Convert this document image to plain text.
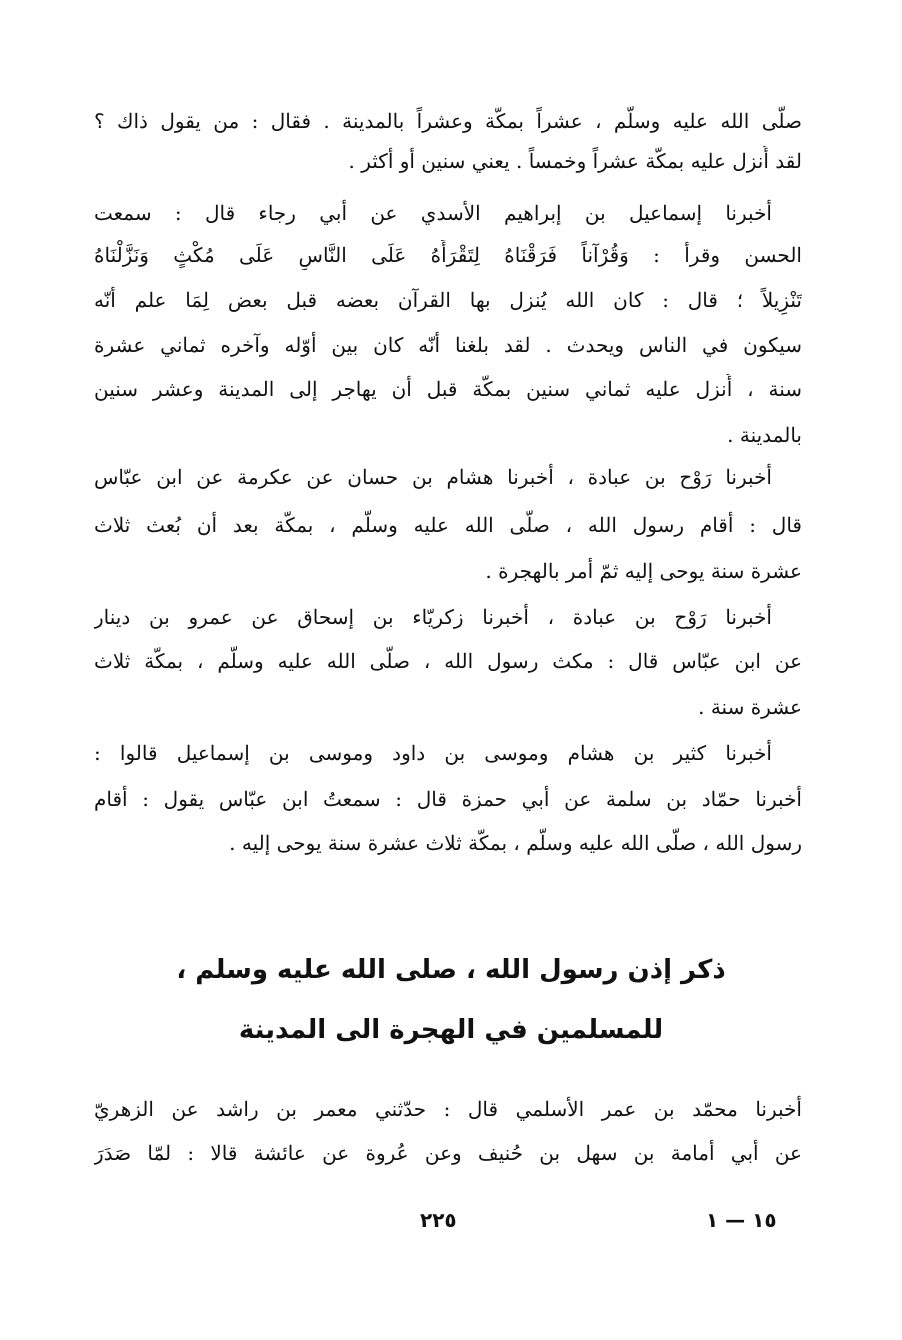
صلّى الله عليه وسلّم ، عشراً بمكّة وعشراً بالمدينة . فقال : من يقول ذاك ؟
لقد أُنزل عليه بمكّة عشراً وخمساً . يعني سنين أو أكثر .
أخبرنا إسماعيل بن إبراهيم الأسدي عن أبي رجاء قال : سمعت
الحسن وقرأ : وَقُرْآناً فَرَقْنَاهُ لِتَقْرَأَهُ عَلَى النَّاسِ عَلَى مُكْثٍ وَنَزَّلْنَاهُ
تَنْزِيلاً ؛ قال : كان الله يُنزل بها القرآن بعضه قبل بعض لِمَا علم أنّه
سيكون في الناس ويحدث . لقد بلغنا أنّه كان بين أوّله وآخره ثماني عشرة
سنة ، أُنزل عليه ثماني سنين بمكّة قبل أن يهاجر إلى المدينة وعشر سنين
بالمدينة .
أخبرنا رَوْح بن عبادة ، أخبرنا هشام بن حسان عن عكرمة عن ابن عبّاس
قال : أقام رسول الله ، صلّى الله عليه وسلّم ، بمكّة بعد أن بُعث ثلاث
عشرة سنة يوحى إليه ثمّ أمر بالهجرة .
أخبرنا رَوْح بن عبادة ، أخبرنا زكريّاء بن إسحاق عن عمرو بن دينار
عن ابن عبّاس قال : مكث رسول الله ، صلّى الله عليه وسلّم ، بمكّة ثلاث
عشرة سنة .
أخبرنا كثير بن هشام وموسى بن داود وموسى بن إسماعيل قالوا :
أخبرنا حمّاد بن سلمة عن أبي حمزة قال : سمعتُ ابن عبّاس يقول : أقام
رسول الله ، صلّى الله عليه وسلّم ، بمكّة ثلاث عشرة سنة يوحى إليه .
ذكر إذن رسول الله ، صلى الله عليه وسلم ،
للمسلمين في الهجرة الى المدينة
أخبرنا محمّد بن عمر الأسلمي قال : حدّثني معمر بن راشد عن الزهريّ
عن أبي أمامة بن سهل بن حُنيف وعن عُروة عن عائشة قالا : لمّا صَدَرَ
٢٢٥	١٥ — ١
